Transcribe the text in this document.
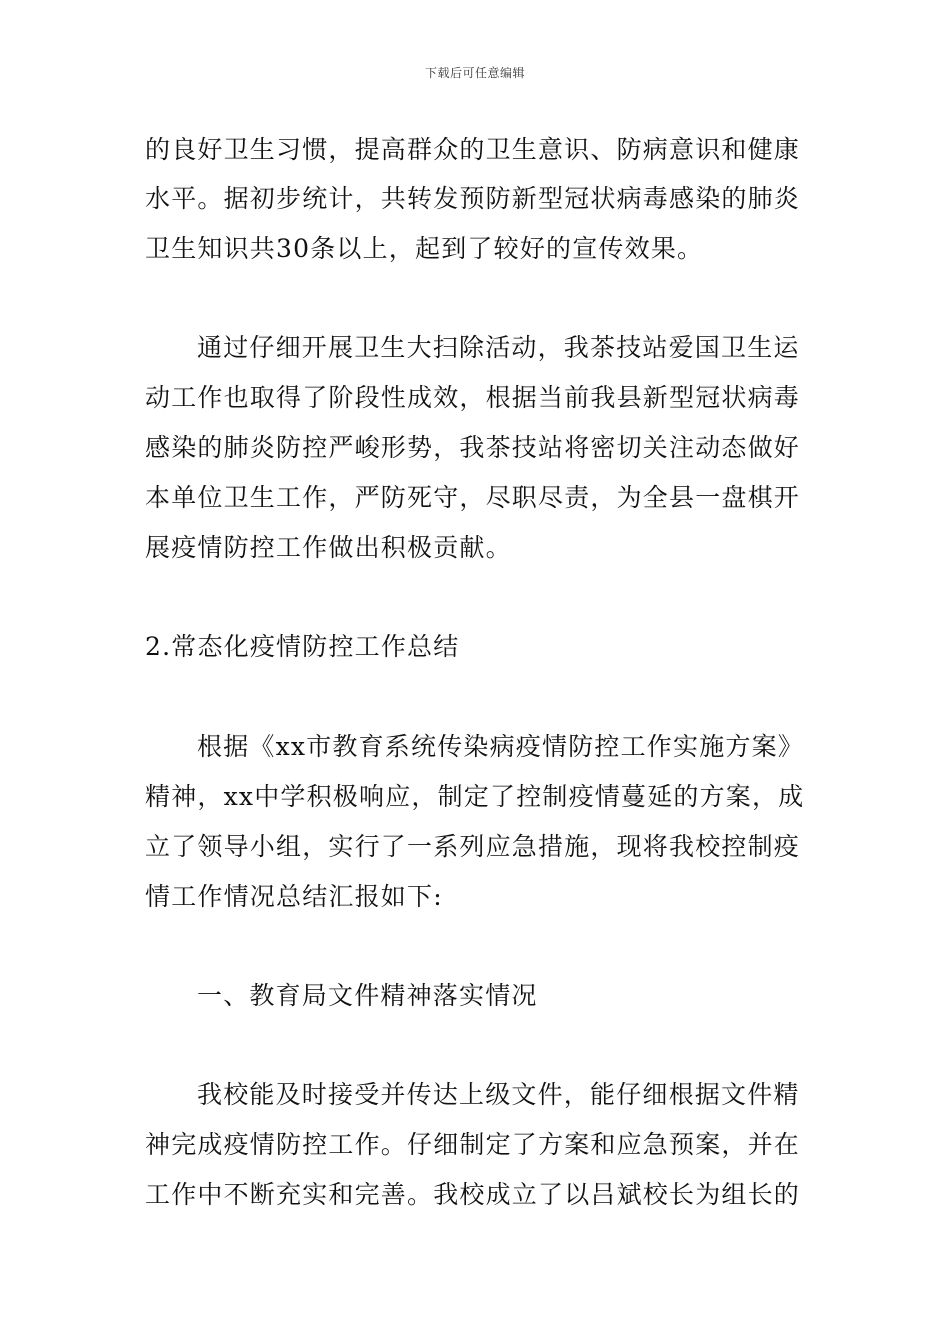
下载后可任意编辑
的良好卫生习惯，提高群众的卫生意识、防病意识和健康
水平。据初步统计，共转发预防新型冠状病毒感染的肺炎
卫生知识共30条以上，起到了较好的宣传效果。
通过仔细开展卫生大扫除活动，我茶技站爱国卫生运
动工作也取得了阶段性成效，根据当前我县新型冠状病毒
感染的肺炎防控严峻形势，我茶技站将密切关注动态做好
本单位卫生工作，严防死守，尽职尽责，为全县一盘棋开
展疫情防控工作做出积极贡献。
2.常态化疫情防控工作总结
根据《xx市教育系统传染病疫情防控工作实施方案》
精神，xx中学积极响应，制定了控制疫情蔓延的方案，成
立了领导小组，实行了一系列应急措施，现将我校控制疫
情工作情况总结汇报如下:
一、教育局文件精神落实情况
我校能及时接受并传达上级文件，能仔细根据文件精
神完成疫情防控工作。仔细制定了方案和应急预案，并在
工作中不断充实和完善。我校成立了以吕斌校长为组长的
